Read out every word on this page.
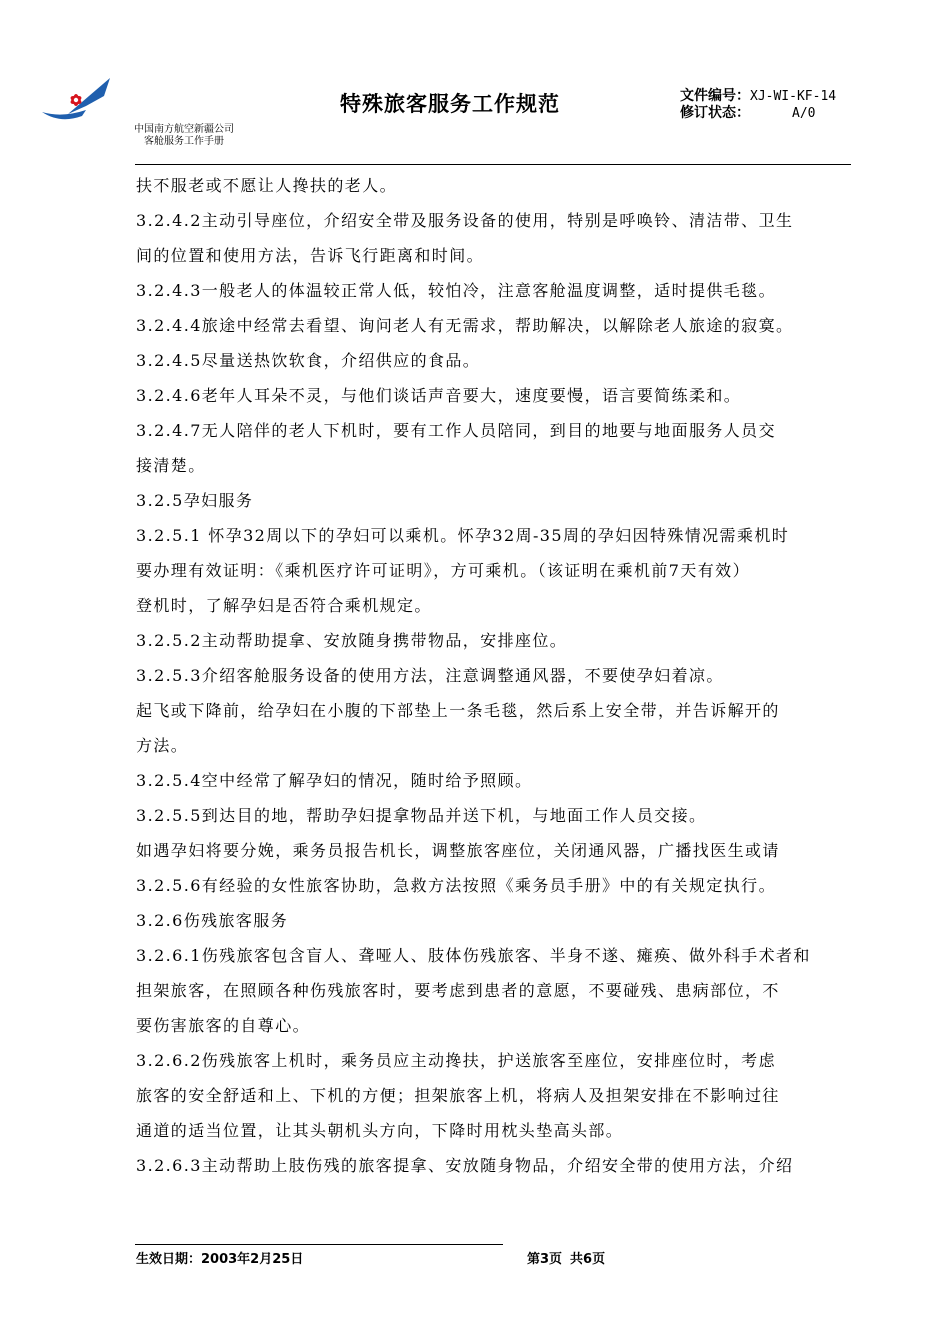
中国南方航空新疆公司
客舱服务工作手册
特殊旅客服务工作规范	文件编号：XJ-WI-KF-14
修订状态：	A/0

扶不服老或不愿让人搀扶的老人。

3.2.4.2主动引导座位，介绍安全带及服务设备的使用，特别是呼唤铃、清洁带、卫生

间的位置和使用方法，告诉飞行距离和时间。

3.2.4.3一般老人的体温较正常人低，较怕冷，注意客舱温度调整，适时提供毛毯。

3.2.4.4旅途中经常去看望、询问老人有无需求，帮助解决，以解除老人旅途的寂寞。

3.2.4.5尽量送热饮软食，介绍供应的食品。

3.2.4.6老年人耳朵不灵，与他们谈话声音要大，速度要慢，语言要简练柔和。

3.2.4.7无人陪伴的老人下机时，要有工作人员陪同，到目的地要与地面服务人员交

接清楚。

3.2.5孕妇服务

3.2.5.1 怀孕32周以下的孕妇可以乘机。怀孕32周-35周的孕妇因特殊情况需乘机时

要办理有效证明：《乘机医疗许可证明》，方可乘机。（该证明在乘机前7天有效）

登机时，了解孕妇是否符合乘机规定。

3.2.5.2主动帮助提拿、安放随身携带物品，安排座位。

3.2.5.3介绍客舱服务设备的使用方法，注意调整通风器，不要使孕妇着凉。

起飞或下降前，给孕妇在小腹的下部垫上一条毛毯，然后系上安全带，并告诉解开的

方法。

3.2.5.4空中经常了解孕妇的情况，随时给予照顾。

3.2.5.5到达目的地，帮助孕妇提拿物品并送下机，与地面工作人员交接。

如遇孕妇将要分娩，乘务员报告机长，调整旅客座位，关闭通风器，广播找医生或请

3.2.5.6有经验的女性旅客协助，急救方法按照《乘务员手册》中的有关规定执行。

3.2.6伤残旅客服务

3.2.6.1伤残旅客包含盲人、聋哑人、肢体伤残旅客、半身不遂、瘫痪、做外科手术者和

担架旅客，在照顾各种伤残旅客时，要考虑到患者的意愿，不要碰残、患病部位，不

要伤害旅客的自尊心。

3.2.6.2伤残旅客上机时，乘务员应主动搀扶，护送旅客至座位，安排座位时，考虑

旅客的安全舒适和上、下机的方便；担架旅客上机，将病人及担架安排在不影响过往

通道的适当位置，让其头朝机头方向，下降时用枕头垫高头部。

3.2.6.3主动帮助上肢伤残的旅客提拿、安放随身物品，介绍安全带的使用方法，介绍

生效日期：2003年2月25日	第3页 共6页
